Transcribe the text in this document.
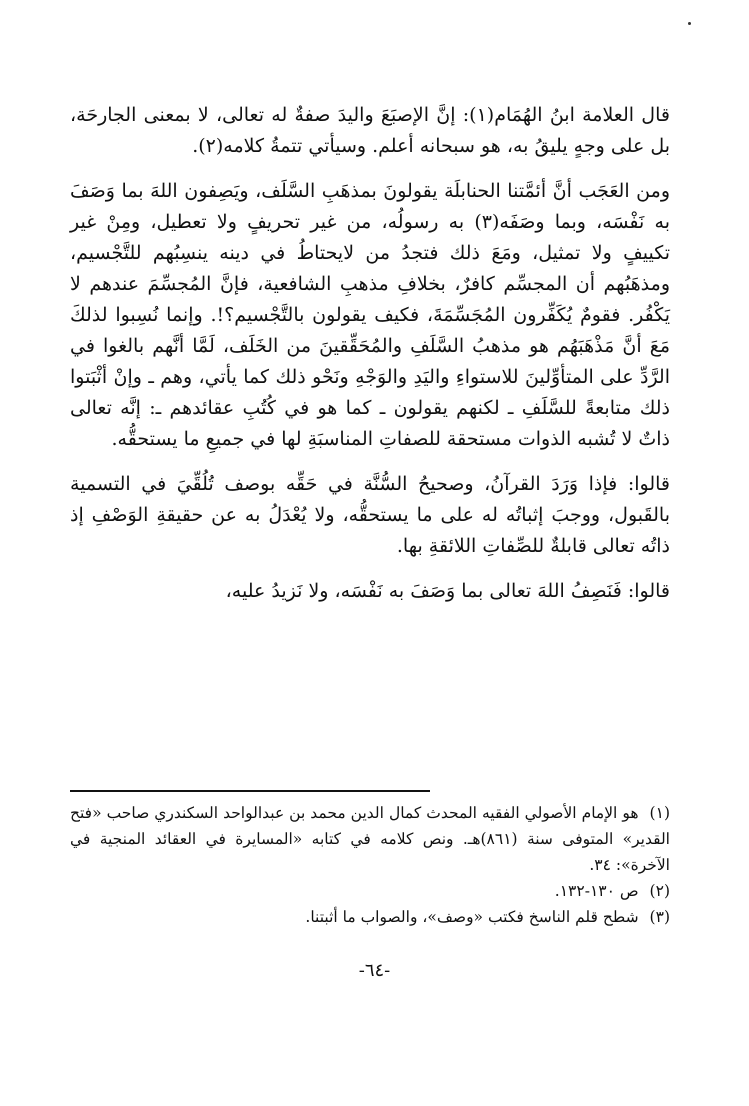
قال العلامة ابنُ الهُمَام(١): إنَّ الإصبَعَ واليدَ صفةٌ له تعالى، لا بمعنى الجارحَة، بل على وجهٍ يليقُ به، هو سبحانه أعلم. وسيأتي تتمةُ كلامه(٢).

ومن العَجَب أنَّ أئمَّتنا الحنابلَة يقولونَ بمذهَبِ السَّلَف، ويَصِفون اللهَ بما وَصَفَ به نَفْسَه، وبما وصَفَه(٣) به رسولُه، من غير تحريفٍ ولا تعطيل، ومِنْ غير تكييفٍ ولا تمثيل، ومَعَ ذلك فتجدُ من لايحتاطُ في دينه ينسِبُهم للتَّجْسيم، ومذهَبُهم أن المجسِّم كافرٌ، بخلافِ مذهبِ الشافعية، فإنَّ المُجسِّمَ عندهم لا يَكْفُر. فقومٌ يُكَفِّرون المُجَسِّمَةَ، فكيف يقولون بالتَّجْسيم؟!. وإنما نُسِبوا لذلكَ مَعَ أنَّ مَذْهَبَهُم هو مذهبُ السَّلَفِ والمُحَقِّقينَ من الخَلَف، لَمَّا أنَّهم بالغوا في الرَّدِّ على المتأوِّلينَ للاستواءِ واليَدِ والوَجْهِ ونَحْو ذلك كما يأتي، وهم ـ وإنْ أثْبَتوا ذلك متابعةً للسَّلَفِ ـ لكنهم يقولون ـ كما هو في كُتُبِ عقائدهم ـ: إنَّه تعالى ذاتٌ لا تُشبه الذوات مستحقة للصفاتِ المناسبَةِ لها في جميعِ ما يستحقُّه.

قالوا: فإذا وَرَدَ القرآنُ، وصحيحُ السُّنَّة في حَقِّه بوصف تُلُقِّيَ في التسمية بالقَبول، ووجبَ إثباتُه له على ما يستحقُّه، ولا يُعْدَلُ به عن حقيقةِ الوَصْفِ إذ ذاتُه تعالى قابلةٌ للصِّفاتِ اللائقةِ بها.

قالوا: فَنَصِفُ اللهَ تعالى بما وَصَفَ به نَفْسَه، ولا نَزيدُ عليه،

(١) هو الإمام الأصولي الفقيه المحدث كمال الدين محمد بن عبدالواحد السكندري صاحب «فتح القدير» المتوفى سنة (٨٦١)هـ. ونص كلامه في كتابه «المسايرة في العقائد المنجية في الآخرة»: ٣٤.

(٢) ص ١٣٠-١٣٢.

(٣) شطح قلم الناسخ فكتب «وصف»، والصواب ما أثبتنا.

-٦٤-
